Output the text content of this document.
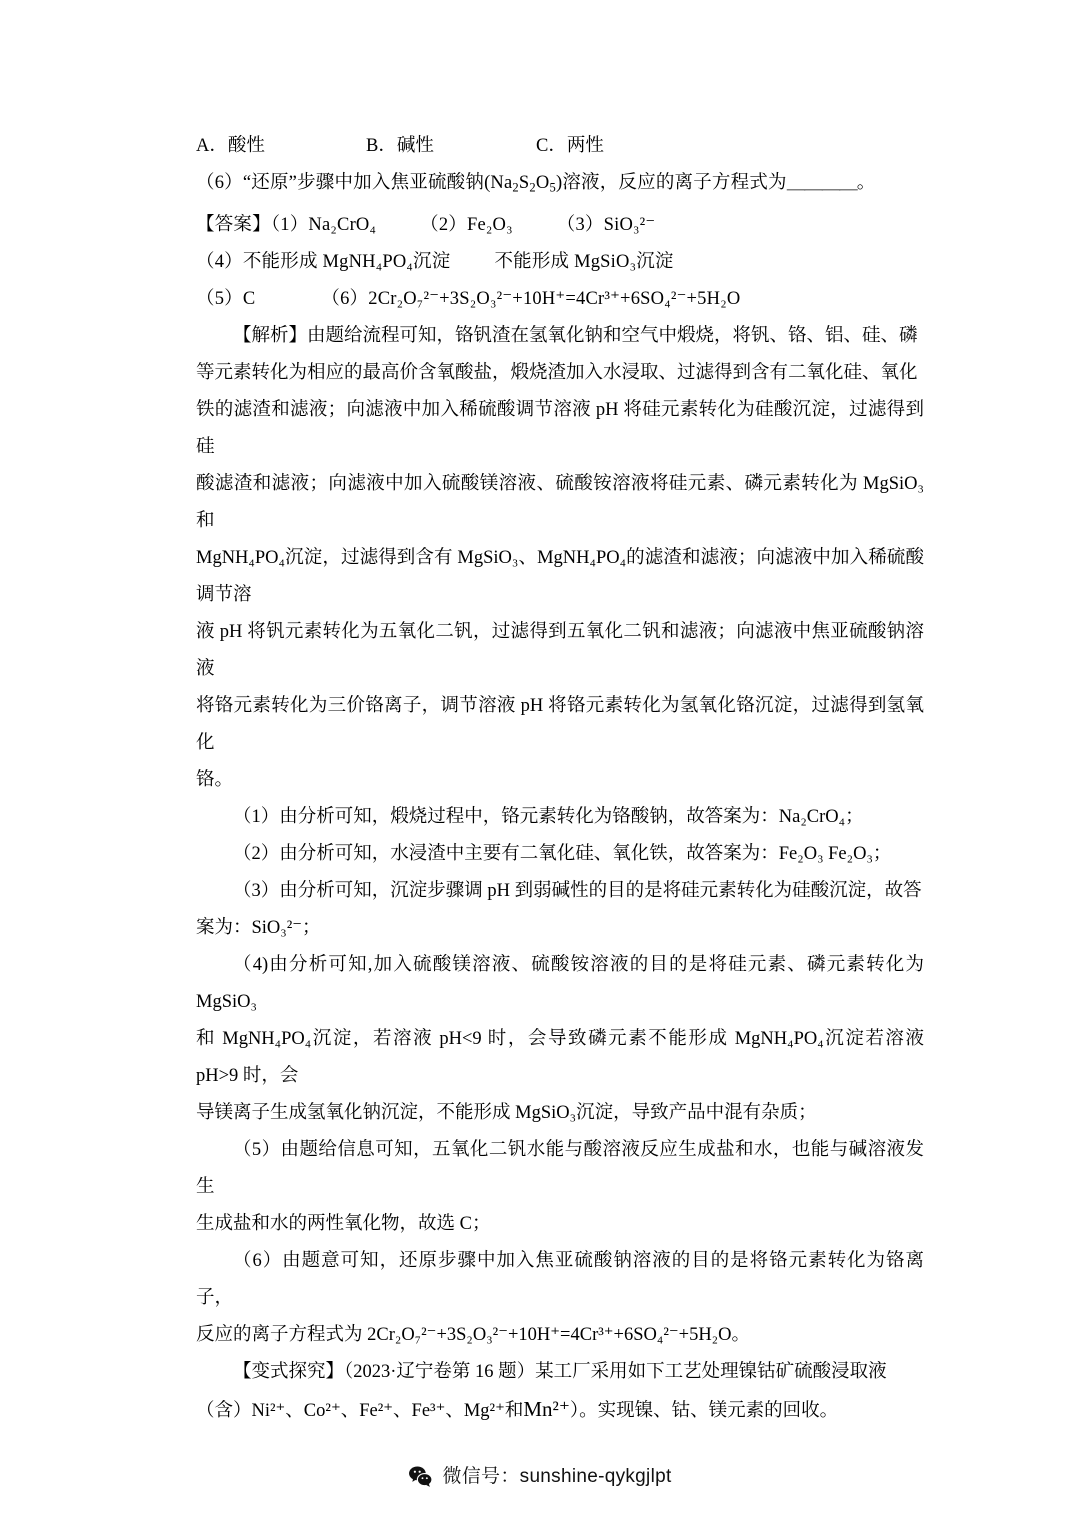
A．酸性	B．碱性	C．两性
（6）“还原”步骤中加入焦亚硫酸钠$(Na_2S_2O_5)$溶液，反应的离子方程式为＿＿＿＿。
【答案】（1）Na₂CrO₄ （2）Fe₂O₃ （3）SiO₃²⁻
（4）不能形成 MgNH₄PO₄沉淀 不能形成 MgSiO₃沉淀
（5）C	（6）2Cr₂O₇²⁻+3S₂O₃²⁻+10H⁺=4Cr³⁺+6SO₄²⁻+5H₂O
【解析】由题给流程可知，铬钒渣在氢氧化钠和空气中煅烧，将钒、铬、铝、硅、磷
等元素转化为相应的最高价含氧酸盐，煅烧渣加入水浸取、过滤得到含有二氧化硅、氧化
铁的滤渣和滤液；向滤液中加入稀硫酸调节溶液 pH 将硅元素转化为硅酸沉淀，过滤得到硅
酸滤渣和滤液；向滤液中加入硫酸镁溶液、硫酸铵溶液将硅元素、磷元素转化为 MgSiO₃和
MgNH₄PO₄沉淀，过滤得到含有 MgSiO₃、MgNH₄PO₄的滤渣和滤液；向滤液中加入稀硫酸调节溶
液 pH 将钒元素转化为五氧化二钒，过滤得到五氧化二钒和滤液；向滤液中焦亚硫酸钠溶液
将铬元素转化为三价铬离子，调节溶液 pH 将铬元素转化为氢氧化铬沉淀，过滤得到氢氧化
铬。
（1）由分析可知，煅烧过程中，铬元素转化为铬酸钠，故答案为：Na₂CrO₄；
（2）由分析可知，水浸渣中主要有二氧化硅、氧化铁，故答案为：Fe₂O₃ Fe₂O₃；
（3）由分析可知，沉淀步骤调 pH 到弱碱性的目的是将硅元素转化为硅酸沉淀，故答
案为：SiO₃²⁻；
（4)由分析可知,加入硫酸镁溶液、硫酸铵溶液的目的是将硅元素、磷元素转化为MgSiO₃
和 MgNH₄PO₄沉淀，若溶液 pH<9 时，会导致磷元素不能形成 MgNH₄PO₄沉淀若溶液 pH>9 时，会
导镁离子生成氢氧化钠沉淀，不能形成 MgSiO₃沉淀，导致产品中混有杂质；
（5）由题给信息可知，五氧化二钒水能与酸溶液反应生成盐和水，也能与碱溶液发生
生成盐和水的两性氧化物，故选 C；
（6）由题意可知，还原步骤中加入焦亚硫酸钠溶液的目的是将铬元素转化为铬离子，
反应的离子方程式为 2Cr₂O₇²⁻+3S₂O₃²⁻+10H⁺=4Cr³⁺+6SO₄²⁻+5H₂O。
【变式探究】（2023·辽宁卷第 16 题）某工厂采用如下工艺处理镍钴矿硫酸浸取液
（含）Ni²⁺、Co²⁺、Fe²⁺、Fe³⁺、Mg²⁺和Mn²⁺）。实现镍、钴、镁元素的回收。
微信号：sunshine-qykgjlpt
